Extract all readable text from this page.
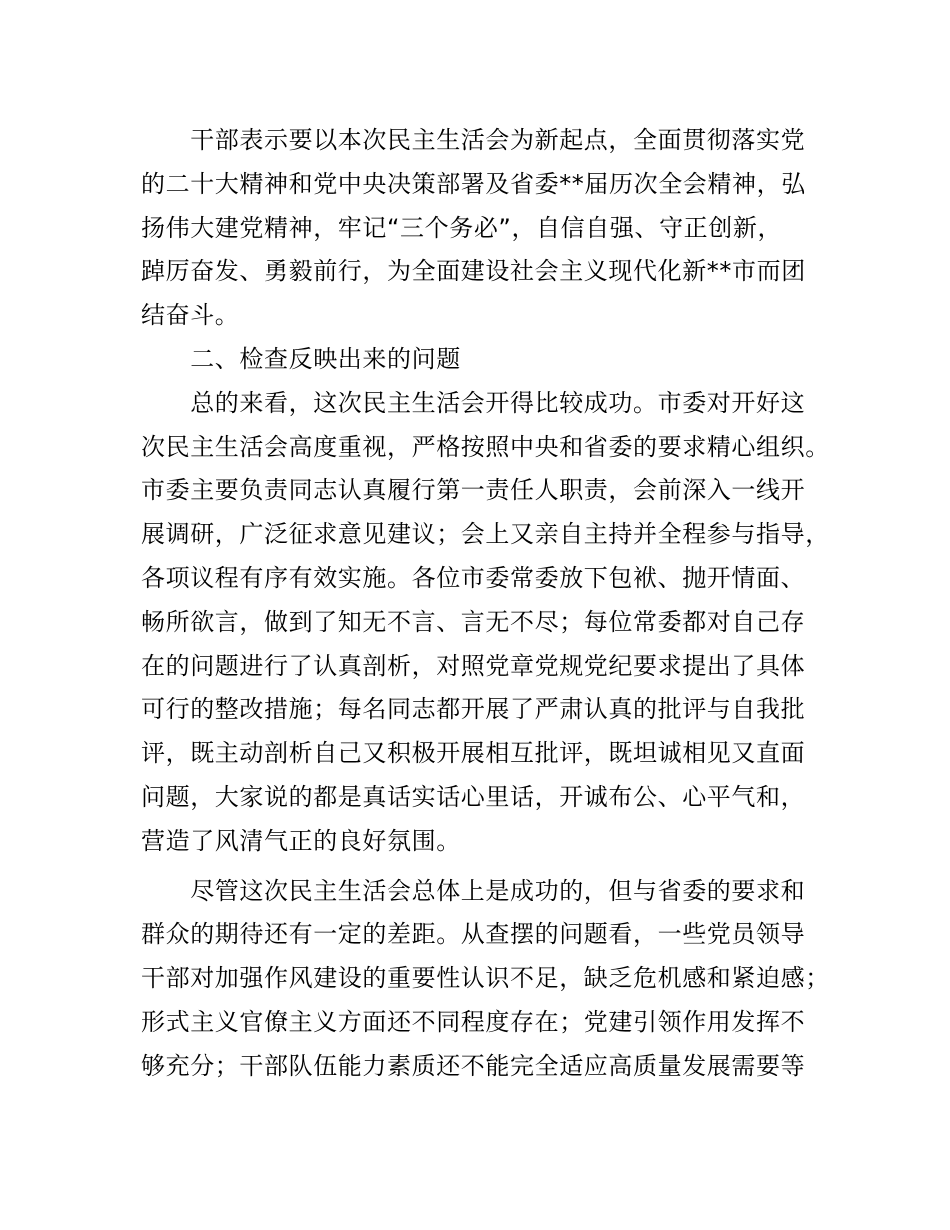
　　干部表示要以本次民主生活会为新起点，全面贯彻落实党
的二十大精神和党中央决策部署及省委**届历次全会精神，弘
扬伟大建党精神，牢记“三个务必”，自信自强、守正创新，
踔厉奋发、勇毅前行，为全面建设社会主义现代化新**市而团
结奋斗。
　　二、检查反映出来的问题
　　总的来看，这次民主生活会开得比较成功。市委对开好这
次民主生活会高度重视，严格按照中央和省委的要求精心组织。
市委主要负责同志认真履行第一责任人职责，会前深入一线开
展调研，广泛征求意见建议；会上又亲自主持并全程参与指导，
各项议程有序有效实施。各位市委常委放下包袱、抛开情面、
畅所欲言，做到了知无不言、言无不尽；每位常委都对自己存
在的问题进行了认真剖析，对照党章党规党纪要求提出了具体
可行的整改措施；每名同志都开展了严肃认真的批评与自我批
评，既主动剖析自己又积极开展相互批评，既坦诚相见又直面
问题，大家说的都是真话实话心里话，开诚布公、心平气和，
营造了风清气正的良好氛围。
　　尽管这次民主生活会总体上是成功的，但与省委的要求和
群众的期待还有一定的差距。从查摆的问题看，一些党员领导
干部对加强作风建设的重要性认识不足，缺乏危机感和紧迫感；
形式主义官僚主义方面还不同程度存在；党建引领作用发挥不
够充分；干部队伍能力素质还不能完全适应高质量发展需要等
